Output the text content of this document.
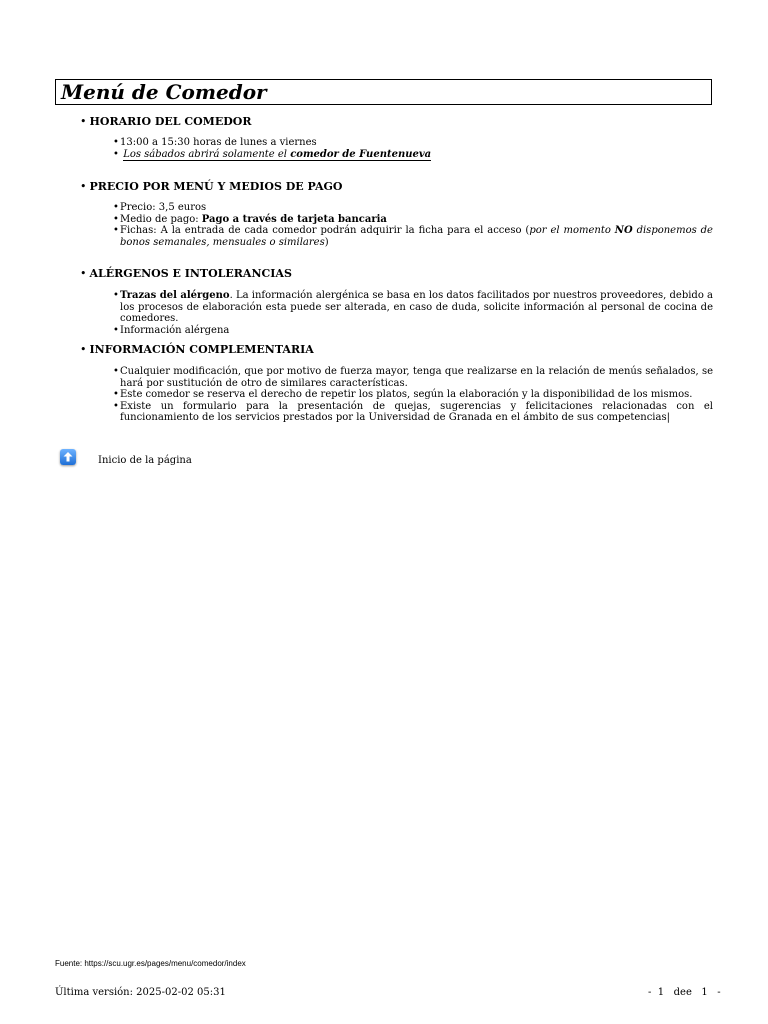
Menú de Comedor

• HORARIO DEL COMEDOR

• 13:00 a 15:30 horas de lunes a viernes
• Los sábados abrirá solamente el comedor de Fuentenueva

• PRECIO POR MENÚ Y MEDIOS DE PAGO

• Precio: 3,5 euros
• Medio de pago: Pago a través de tarjeta bancaria
• Fichas: A la entrada de cada comedor podrán adquirir la ficha para el acceso (por el momento NO disponemos de bonos semanales, mensuales o similares)

• ALÉRGENOS E INTOLERANCIAS

• Trazas del alérgeno. La información alergénica se basa en los datos facilitados por nuestros proveedores, debido a los procesos de elaboración esta puede ser alterada, en caso de duda, solicite información al personal de cocina de comedores.
• Información alérgena

• INFORMACIÓN COMPLEMENTARIA

• Cualquier modificación, que por motivo de fuerza mayor, tenga que realizarse en la relación de menús señalados, se hará por sustitución de otro de similares características.
• Este comedor se reserva el derecho de repetir los platos, según la elaboración y la disponibilidad de los mismos.
• Existe un formulario para la presentación de quejas, sugerencias y felicitaciones relacionadas con el funcionamiento de los servicios prestados por la Universidad de Granada en el ámbito de sus competencias|
Inicio de la página
Fuente: https://scu.ugr.es/pages/menu/comedor/index
Última versión: 2025-02-02 05:31	-  1   dee   1   -
